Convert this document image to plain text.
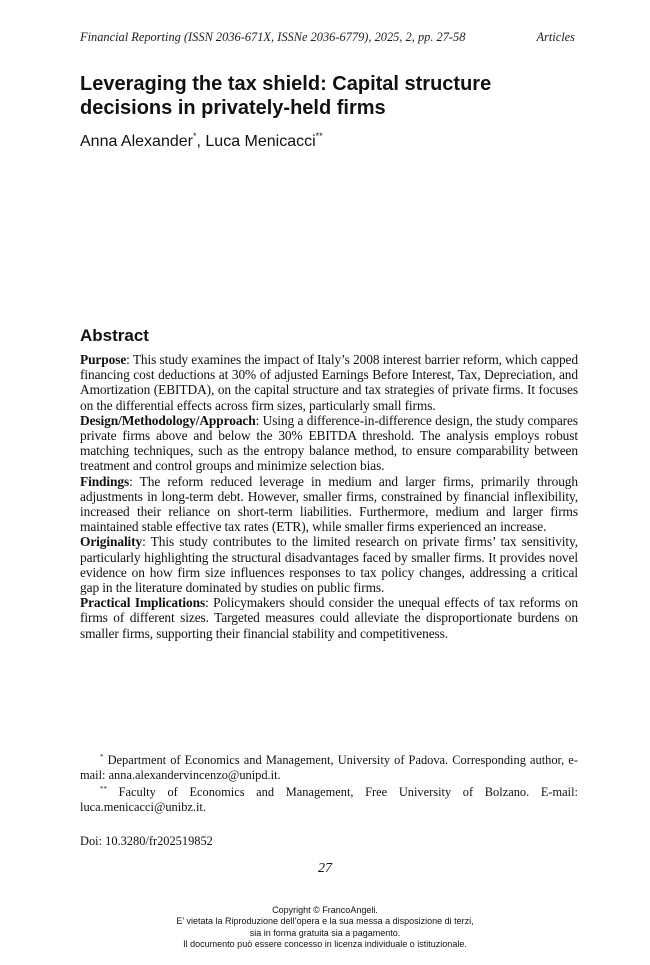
Financial Reporting (ISSN 2036-671X, ISSNe 2036-6779), 2025, 2, pp. 27-58	Articles
Leveraging the tax shield: Capital structure decisions in privately-held firms
Anna Alexander*, Luca Menicacci**
Abstract

Purpose: This study examines the impact of Italy’s 2008 interest barrier reform, which capped financing cost deductions at 30% of adjusted Earnings Before Interest, Tax, Depreciation, and Amortization (EBITDA), on the capital structure and tax strategies of private firms. It focuses on the differential effects across firm sizes, particularly small firms.

Design/Methodology/Approach: Using a difference-in-difference design, the study compares private firms above and below the 30% EBITDA threshold. The analysis employs robust matching techniques, such as the entropy balance method, to ensure comparability between treatment and control groups and minimize selection bias.

Findings: The reform reduced leverage in medium and larger firms, primarily through adjustments in long-term debt. However, smaller firms, constrained by financial inflexibility, increased their reliance on short-term liabilities. Furthermore, medium and larger firms maintained stable effective tax rates (ETR), while smaller firms experienced an increase.

Originality: This study contributes to the limited research on private firms’ tax sensitivity, particularly highlighting the structural disadvantages faced by smaller firms. It provides novel evidence on how firm size influences responses to tax policy changes, addressing a critical gap in the literature dominated by studies on public firms.

Practical Implications: Policymakers should consider the unequal effects of tax reforms on firms of different sizes. Targeted measures could alleviate the disproportionate burdens on smaller firms, supporting their financial stability and competitiveness.

* Department of Economics and Management, University of Padova. Corresponding author, e-mail: anna.alexandervincenzo@unipd.it.

** Faculty of Economics and Management, Free University of Bolzano. E-mail: luca.menicacci@unibz.it.

Doi: 10.3280/fr202519852
27
Copyright © FrancoAngeli.
E’ vietata la Riproduzione dell’opera e la sua messa a disposizione di terzi,
sia in forma gratuita sia a pagamento.
Il documento può essere concesso in licenza individuale o istituzionale.
